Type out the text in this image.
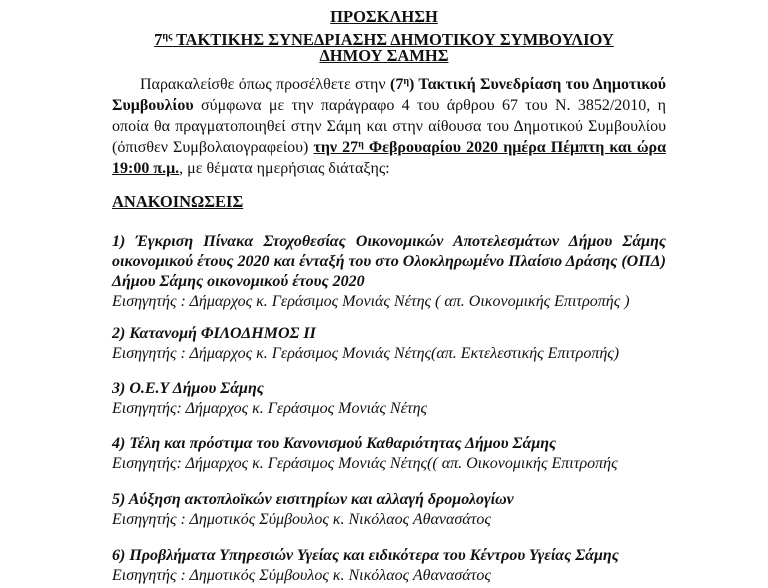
ΠΡΟΣΚΛΗΣΗ
$7^{\eta\varsigma}$ ΤΑΚΤΙΚΗΣ ΣΥΝΕΔΡΙΑΣΗΣ ΔΗΜΟΤΙΚΟΥ ΣΥΜΒΟΥΛΙΟΥ
ΔΗΜΟΥ ΣΑΜΗΣ
Παρακαλείσθε όπως προσέλθετε στην $(7^\eta)$ Τακτική Συνεδρίαση του Δημοτικού Συμβουλίου σύμφωνα με την παράγραφο 4 του άρθρου 67 του Ν. 3852/2010, η οποία θα πραγματοποιηθεί στην Σάμη και στην αίθουσα του Δημοτικού Συμβουλίου (όπισθεν Συμβολαιογραφείου) την $27^\eta$ Φεβρουαρίου 2020 ημέρα Πέμπτη και ώρα 19:00 π.μ., με θέματα ημερήσιας διάταξης:
ΑΝΑΚΟΙΝΩΣΕΙΣ
1) Έγκριση Πίνακα Στοχοθεσίας Οικονομικών Αποτελεσμάτων Δήμου Σάμης οικονομικού έτους 2020 και ένταξή του στο Ολοκληρωμένο Πλαίσιο Δράσης (ΟΠΔ) Δήμου Σάμης οικονομικού έτους 2020
Εισηγητής : Δήμαρχος κ. Γεράσιμος Μονιάς Νέτης ( απ. Οικονομικής Επιτροπής )
2) Κατανομή ΦΙΛΟΔΗΜΟΣ ΙΙ
Εισηγητής : Δήμαρχος κ. Γεράσιμος Μονιάς Νέτης(απ. Εκτελεστικής Επιτροπής)
3) Ο.Ε.Υ Δήμου Σάμης
Εισηγητής: Δήμαρχος κ. Γεράσιμος Μονιάς Νέτης
4) Τέλη και πρόστιμα του Κανονισμού Καθαριότητας Δήμου Σάμης
Εισηγητής: Δήμαρχος κ. Γεράσιμος Μονιάς Νέτης(( απ. Οικονομικής Επιτροπής
5) Αύξηση ακτοπλοϊκών εισιτηρίων και αλλαγή δρομολογίων
Εισηγητής : Δημοτικός Σύμβουλος κ. Νικόλαος Αθανασάτος
6) Προβλήματα Υπηρεσιών Υγείας και ειδικότερα του Κέντρου Υγείας Σάμης
Εισηγητής : Δημοτικός Σύμβουλος κ. Νικόλαος Αθανασάτος
